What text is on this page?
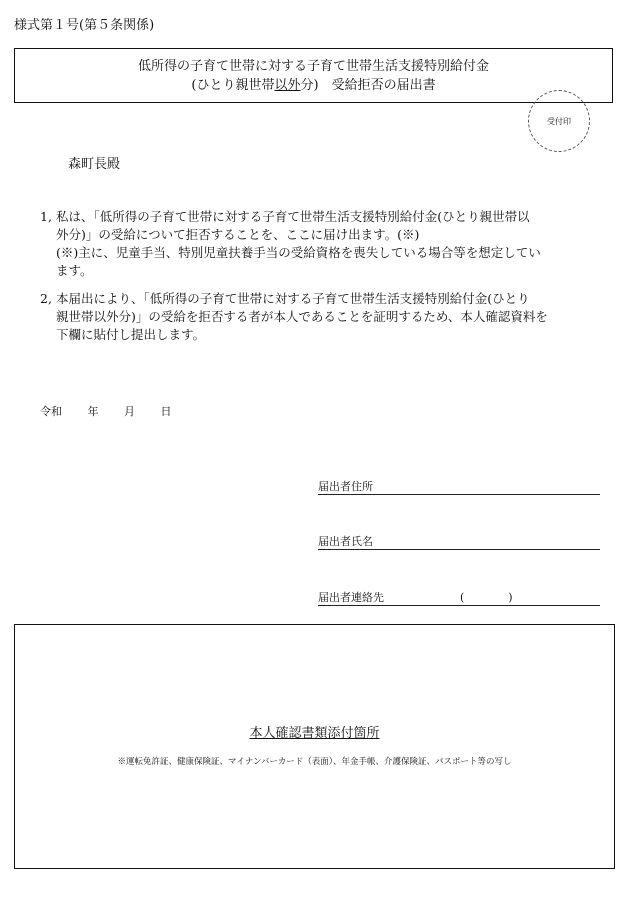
様式第１号(第５条関係)
低所得の子育て世帯に対する子育て世帯生活支援特別給付金
(ひとり親世帯以外分)　受給拒否の届出書
受付印
森町長殿
1, 私は、「低所得の子育て世帯に対する子育て世帯生活支援特別給付金(ひとり親世帯以
外分)」の受給について拒否することを、ここに届け出ます。(※)
(※)主に、児童手当、特別児童扶養手当の受給資格を喪失している場合等を想定してい
ます。
2, 本届出により、「低所得の子育て世帯に対する子育て世帯生活支援特別給付金(ひとり
親世帯以外分)」の受給を拒否する者が本人であることを証明するため、本人確認資料を
下欄に貼付し提出します。
令和 年 月 日
届出者住所
届出者氏名
届出者連絡先	(　　　　)
本人確認書類添付箇所
※運転免許証、健康保険証、マイナンバーカード（表面）、年金手帳、介護保険証、パスポート等の写し
